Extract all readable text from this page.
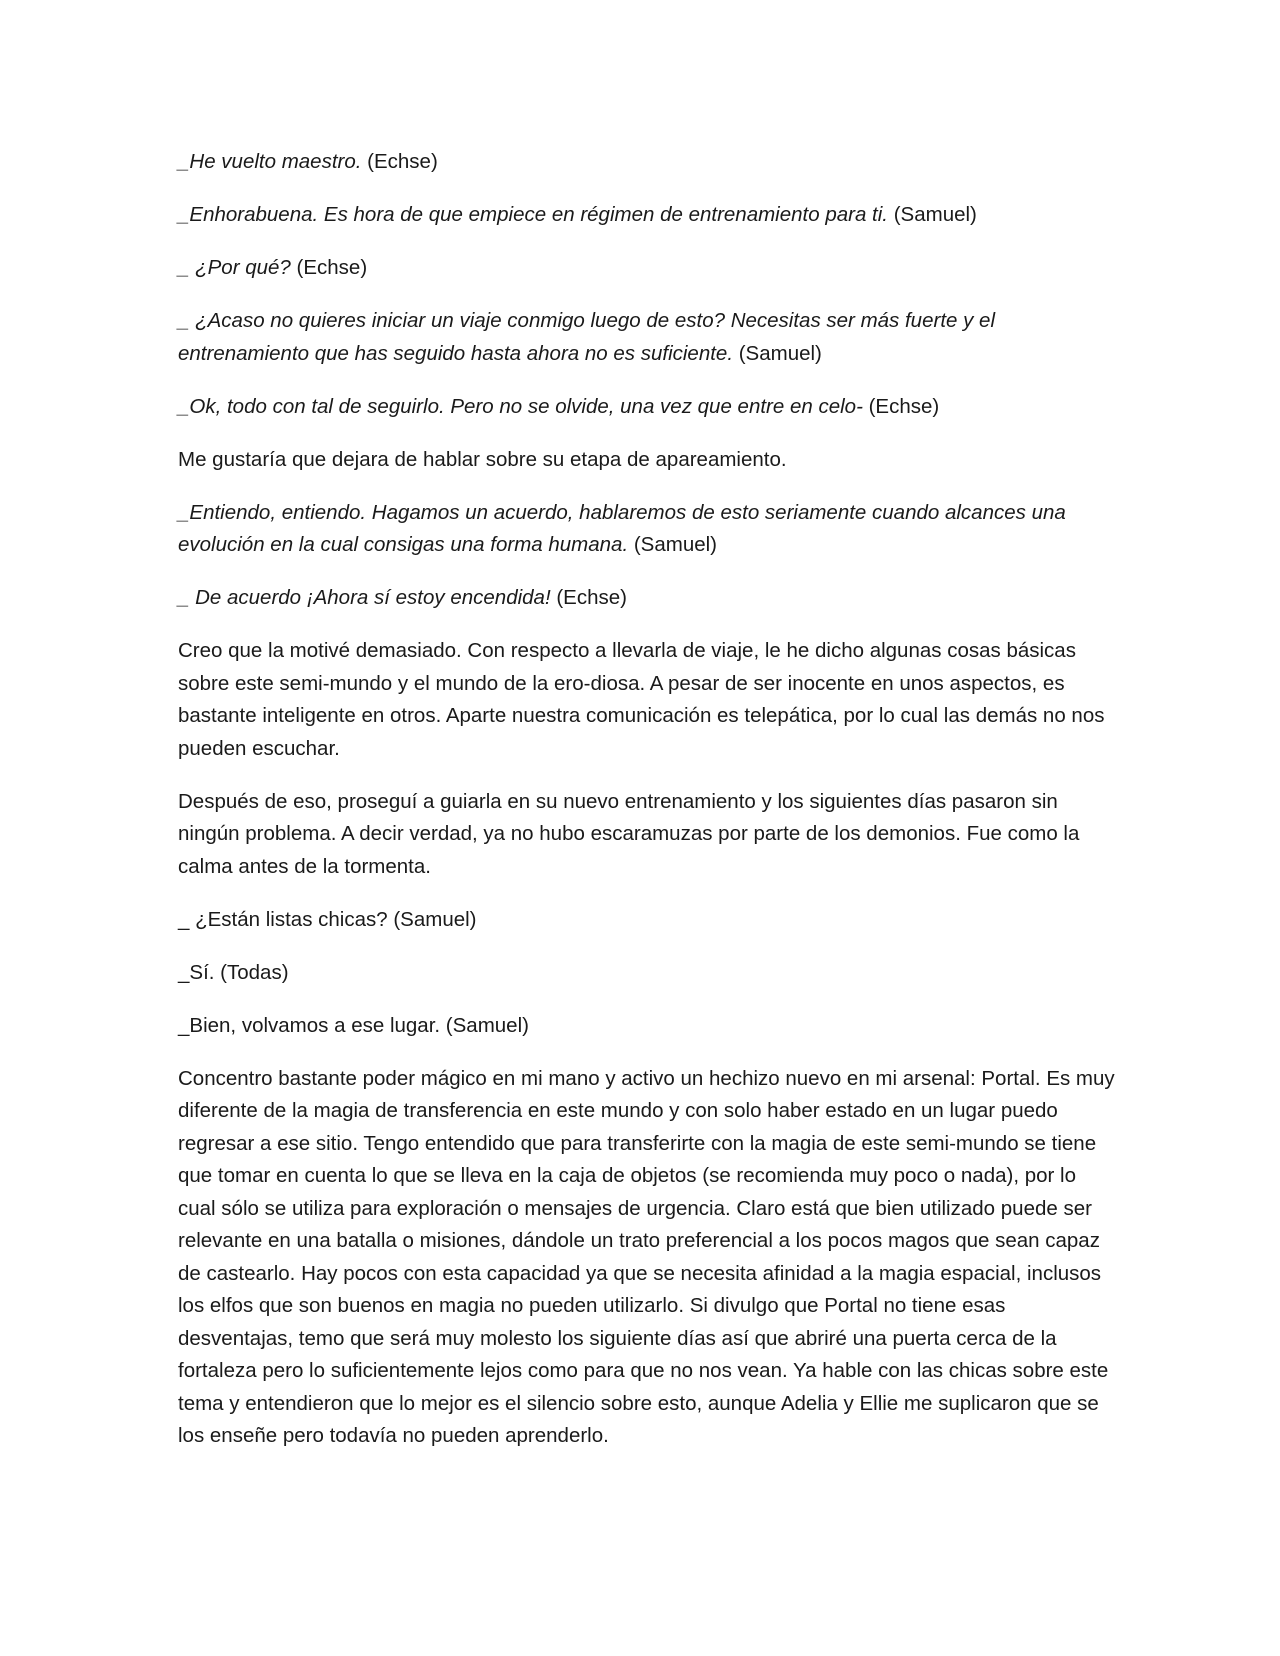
_He vuelto maestro. (Echse)

_Enhorabuena. Es hora de que empiece en régimen de entrenamiento para ti. (Samuel)

_ ¿Por qué? (Echse)

_ ¿Acaso no quieres iniciar un viaje conmigo luego de esto? Necesitas ser más fuerte y el entrenamiento que has seguido hasta ahora no es suficiente. (Samuel)

_Ok, todo con tal de seguirlo. Pero no se olvide, una vez que entre en celo- (Echse)

Me gustaría que dejara de hablar sobre su etapa de apareamiento.

_Entiendo, entiendo. Hagamos un acuerdo, hablaremos de esto seriamente cuando alcances una evolución en la cual consigas una forma humana. (Samuel)

_ De acuerdo ¡Ahora sí estoy encendida! (Echse)

Creo que la motivé demasiado. Con respecto a llevarla de viaje, le he dicho algunas cosas básicas sobre este semi-mundo y el mundo de la ero-diosa. A pesar de ser inocente en unos aspectos, es bastante inteligente en otros. Aparte nuestra comunicación es telepática, por lo cual las demás no nos pueden escuchar.

Después de eso, proseguí a guiarla en su nuevo entrenamiento y los siguientes días pasaron sin ningún problema. A decir verdad, ya no hubo escaramuzas por parte de los demonios. Fue como la calma antes de la tormenta.

_ ¿Están listas chicas? (Samuel)

_Sí. (Todas)

_Bien, volvamos a ese lugar. (Samuel)

Concentro bastante poder mágico en mi mano y activo un hechizo nuevo en mi arsenal: Portal. Es muy diferente de la magia de transferencia en este mundo y con solo haber estado en un lugar puedo regresar a ese sitio. Tengo entendido que para transferirte con la magia de este semi-mundo se tiene que tomar en cuenta lo que se lleva en la caja de objetos (se recomienda muy poco o nada), por lo cual sólo se utiliza para exploración o mensajes de urgencia. Claro está que bien utilizado puede ser relevante en una batalla o misiones, dándole un trato preferencial a los pocos magos que sean capaz de castearlo. Hay pocos con esta capacidad ya que se necesita afinidad a la magia espacial, inclusos los elfos que son buenos en magia no pueden utilizarlo. Si divulgo que Portal no tiene esas desventajas, temo que será muy molesto los siguiente días así que abriré una puerta cerca de la fortaleza pero lo suficientemente lejos como para que no nos vean. Ya hable con las chicas sobre este tema y entendieron que lo mejor es el silencio sobre esto, aunque Adelia y Ellie me suplicaron que se los enseñe pero todavía no pueden aprenderlo.
